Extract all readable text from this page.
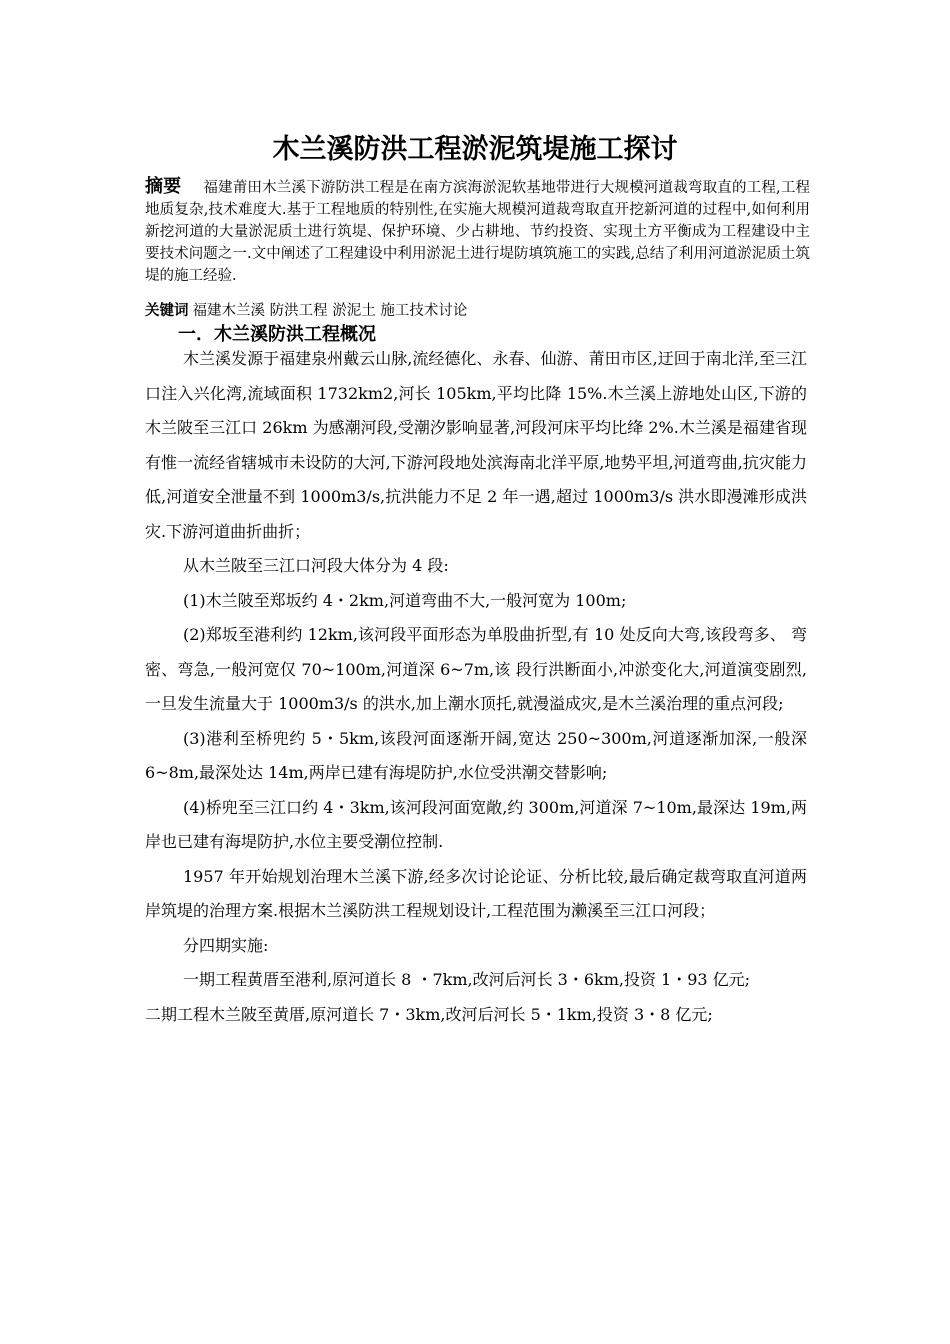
木兰溪防洪工程淤泥筑堤施工探讨

摘要 福建莆田木兰溪下游防洪工程是在南方滨海淤泥软基地带进行大规模河道裁弯取直的工程,工程地质复杂,技术难度大.基于工程地质的特别性,在实施大规模河道裁弯取直开挖新河道的过程中,如何利用新挖河道的大量淤泥质土进行筑堤、保护环境、少占耕地、节约投资、实现土方平衡成为工程建设中主要技术问题之一.文中阐述了工程建设中利用淤泥土进行堤防填筑施工的实践,总结了利用河道淤泥质土筑堤的施工经验.

关键词 福建木兰溪 防洪工程 淤泥土 施工技术讨论

一．木兰溪防洪工程概况

木兰溪发源于福建泉州戴云山脉,流经德化、永春、仙游、莆田市区,迂回于南北洋,至三江口注入兴化湾,流域面积 1732km2,河长 105km,平均比降 15%.木兰溪上游地处山区,下游的木兰陂至三江口 26km 为感潮河段,受潮汐影响显著,河段河床平均比绛 2%.木兰溪是福建省现有惟一流经省辖城市未设防的大河,下游河段地处滨海南北洋平原,地势平坦,河道弯曲,抗灾能力低,河道安全泄量不到 1000m3/s,抗洪能力不足 2 年一遇,超过 1000m3/s 洪水即漫滩形成洪灾.下游河道曲折曲折；

从木兰陂至三江口河段大体分为 4 段:

(1)木兰陂至郑坂约 4・2km,河道弯曲不大,一般河宽为 100m;

(2)郑坂至港利约 12km,该河段平面形态为单股曲折型,有 10 处反向大弯,该段弯多、 弯密、弯急,一般河宽仅 70~100m,河道深 6~7m,该 段行洪断面小,冲淤变化大,河道演变剧烈,一旦发生流量大于 1000m3/s 的洪水,加上潮水顶托,就漫溢成灾,是木兰溪治理的重点河段;

(3)港利至桥兜约 5・5km,该段河面逐渐开阔,宽达 250~300m,河道逐渐加深,一般深 6~8m,最深处达 14m,两岸已建有海堤防护,水位受洪潮交替影响;

(4)桥兜至三江口约 4・3km,该河段河面宽敞,约 300m,河道深 7~10m,最深达 19m,两岸也已建有海堤防护,水位主要受潮位控制.

1957 年开始规划治理木兰溪下游,经多次讨论论证、分析比较,最后确定裁弯取直河道两岸筑堤的治理方案.根据木兰溪防洪工程规划设计,工程范围为濑溪至三江口河段；

分四期实施:

一期工程黄厝至港利,原河道长 8 ・7km,改河后河长 3・6km,投资 1・93 亿元;

二期工程木兰陂至黄厝,原河道长 7・3km,改河后河长 5・1km,投资 3・8 亿元;
